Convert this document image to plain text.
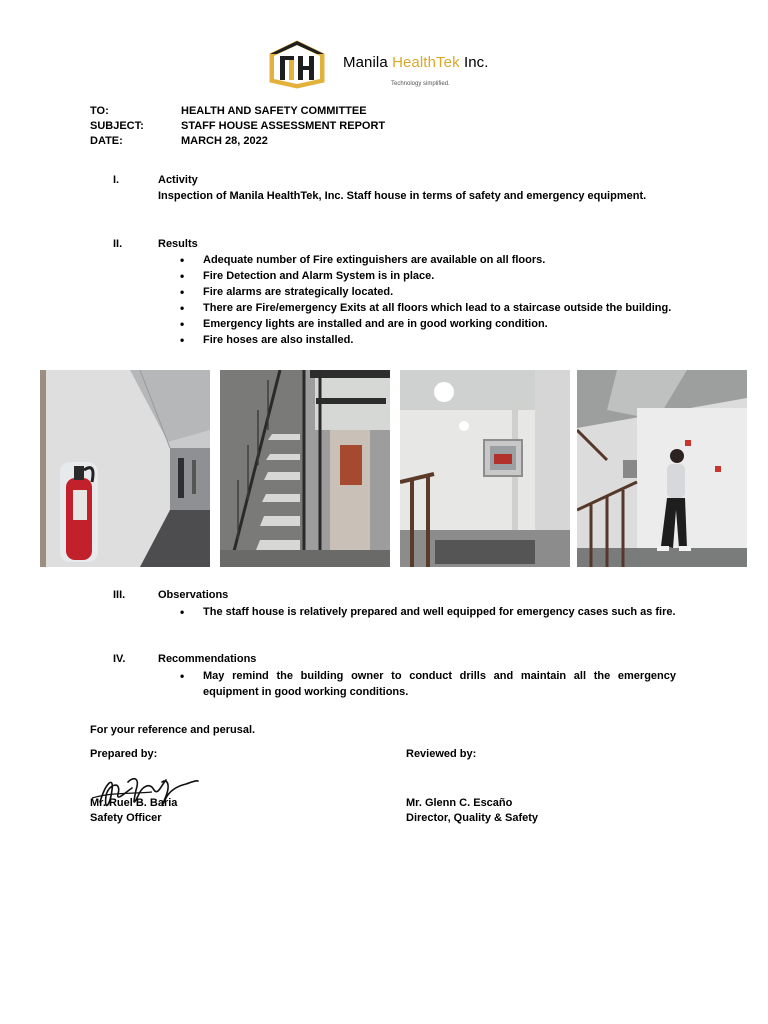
Manila HealthTek Inc.
Technology simplified.
TO:	HEALTH AND SAFETY COMMITTEE
SUBJECT:	STAFF HOUSE ASSESSMENT REPORT
DATE:	MARCH 28, 2022
I.	Activity
Inspection of Manila HealthTek, Inc. Staff house in terms of safety and emergency equipment.
II.	Results
• Adequate number of Fire extinguishers are available on all floors.
• Fire Detection and Alarm System is in place.
• Fire alarms are strategically located.
• There are Fire/emergency Exits at all floors which lead to a staircase outside the building.
• Emergency lights are installed and are in good working condition.
• Fire hoses are also installed.
III.	Observations
• The staff house is relatively prepared and well equipped for emergency cases such as fire.
IV.	Recommendations
• May remind the building owner to conduct drills and maintain all the emergency equipment in good working conditions.
For your reference and perusal.
Prepared by:	Reviewed by:
Mr. Ruel B. Baria
Safety Officer
Mr. Glenn C. Escaño
Director, Quality & Safety
